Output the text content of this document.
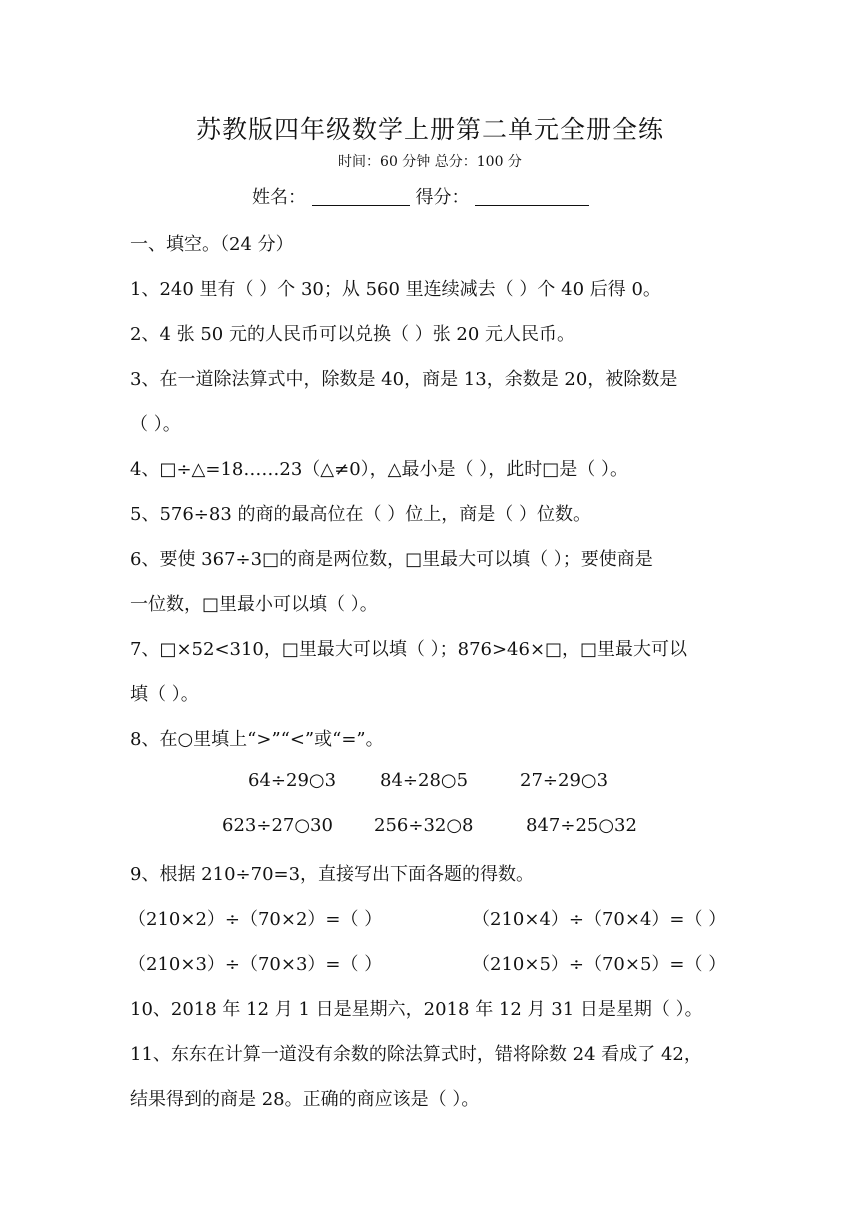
苏教版四年级数学上册第二单元全册全练
时间：60 分钟 总分：100 分
姓名：	得分：
一、填空。（24 分）
1、240 里有（ ）个 30；从 560 里连续减去（ ）个 40 后得 0。
2、4 张 50 元的人民币可以兑换（ ）张 20 元人民币。
3、在一道除法算式中，除数是 40，商是 13，余数是 20，被除数是
（ ）。
4、□÷△=18……23（△≠0），△最小是（ ），此时□是（ ）。
5、576÷83 的商的最高位在（ ）位上，商是（ ）位数。
6、要使 367÷3□的商是两位数，□里最大可以填（ ）；要使商是
一位数，□里最小可以填（ ）。
7、□×52<310，□里最大可以填（ ）；876>46×□，□里最大可以
填（ ）。
8、在○里填上“>”“<”或“=”。
64÷29○3 84÷28○5	27÷29○3
623÷27○30 256÷32○8	847÷25○32
9、根据 210÷70=3，直接写出下面各题的得数。
（210×2）÷（70×2）=（ ）	（210×4）÷（70×4）=（ ）
（210×3）÷（70×3）=（ ）	（210×5）÷（70×5）=（ ）
10、2018 年 12 月 1 日是星期六，2018 年 12 月 31 日是星期（ ）。
11、东东在计算一道没有余数的除法算式时，错将除数 24 看成了 42，
结果得到的商是 28。正确的商应该是（ ）。
